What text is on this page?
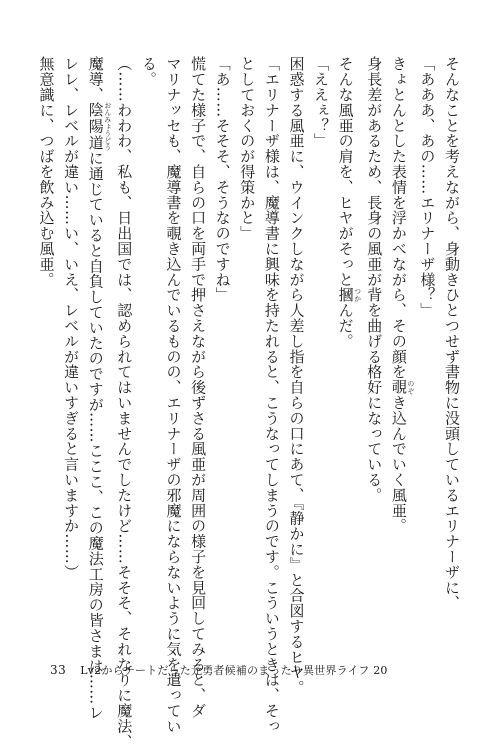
そんなことを考えながら、身動きひとつせず書物に没頭しているエリナーザに、
「あああ、あの……エリナーザ様？」
きょとんとした表情を浮かべながら、その顔を覗 のぞき込んでいく風亜。
身長差があるため、長身の風亜が背を曲げる格好になっている。
そんな風亜の肩を、ヒヤがそっと摑 つかんだ。
「ええぇ？」
困惑する風亜に、ウインクしながら人差し指を自らの口にあて、『静かに』と合図するヒヤ。
「エリナーザ様は、魔導書に興味を持たれると、こうなってしまうのです。こういうときは、そっ
としておくのが得策かと」
「あ……そそそ、そうなのですね」
慌てた様子で、自らの口を両手で押さえながら後ずさる風亜が周囲の様子を見回してみると、ダ
マリナッセも、魔導書を覗き込んでいるものの、エリナーザの邪魔にならないように気を遣ってい
る。
（……わわわ、私も、日出国では、認められてはいませんでしたけど……そそそ、それなりに魔法、
魔導、陰陽道 おんみょうどうに通じていると自負していたのですが……こここ、この魔法工房の皆さまは……レ
レレ、レベルが違い……い、いえ、レベルが違いすぎると言いますか……）
無意識に、つばを飲み込む風亜。
33 Lv2からチートだった元勇者候補のまったり異世界ライフ 20
